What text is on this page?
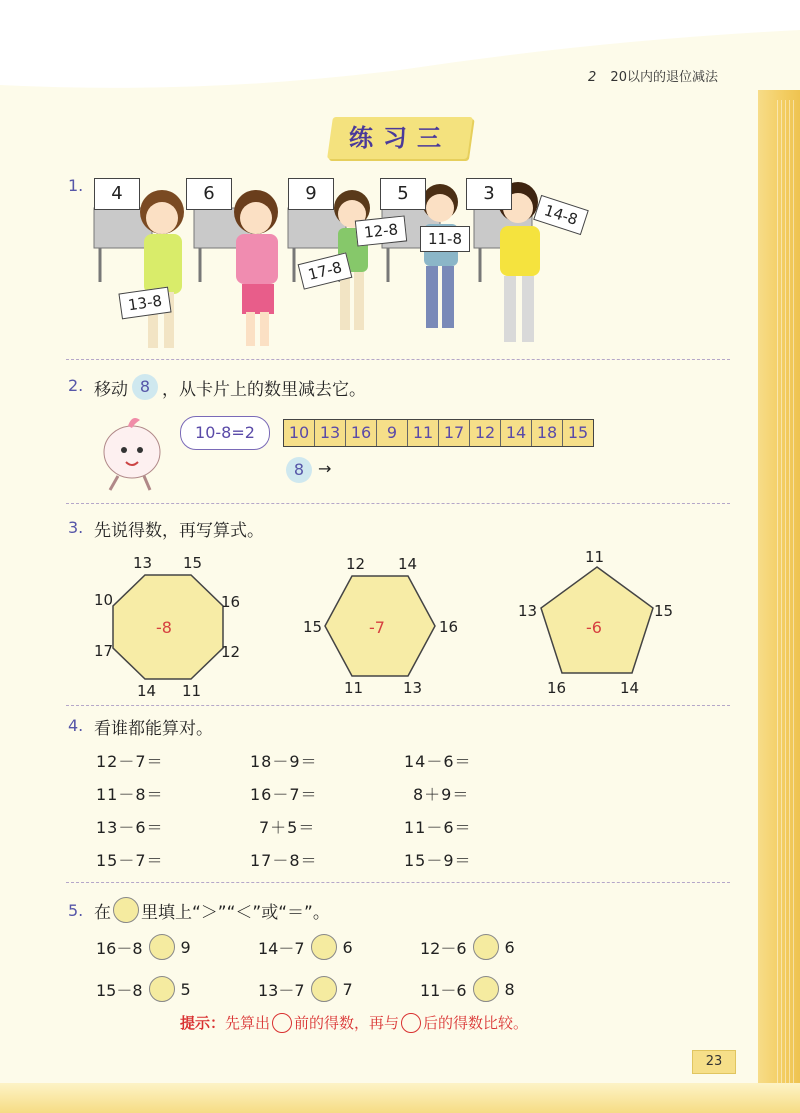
2 20以内的退位减法
练习三
1.	4	6	9	5	3
13-8
17-8
12-8	11-8
14-8
2. 移动 8 ，从卡片上的数里减去它。
10-8=2	10 13 16 9 11 17 12 14 18 15
8 →
3. 先说得数，再写算式。
-8
13 15
10	16
17	12
14 11
-7
12 14
15	16
11	13
-6
11
13	15
16	14
4. 看谁都能算对。
12－7＝	18－9＝	14－6＝
11－8＝	16－7＝	8＋9＝
13－6＝	7＋5＝	11－6＝
15－7＝	17－8＝	15－9＝
5. 在 里填上“＞”“＜”或“＝”。
16－8 9	14－7 6	12－6 6
15－8 5	13－7 7	11－6 8
提示： 先算出 前的得数，再与 后的得数比较。
23
